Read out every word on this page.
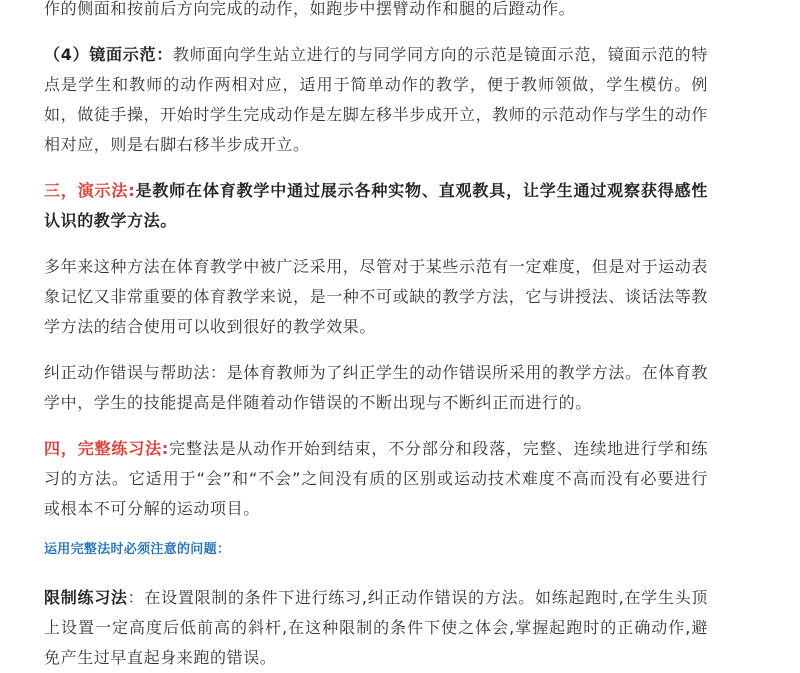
作的侧面和按前后方向完成的动作，如跑步中摆臂动作和腿的后蹬动作。

（4）镜面示范：教师面向学生站立进行的与同学同方向的示范是镜面示范，镜面示范的特点是学生和教师的动作两相对应，适用于简单动作的教学，便于教师领做，学生模仿。例如，做徒手操，开始时学生完成动作是左脚左移半步成开立，教师的示范动作与学生的动作相对应，则是右脚右移半步成开立。

三，演示法:是教师在体育教学中通过展示各种实物、直观教具，让学生通过观察获得感性认识的教学方法。

多年来这种方法在体育教学中被广泛采用，尽管对于某些示范有一定难度，但是对于运动表象记忆又非常重要的体育教学来说，是一种不可或缺的教学方法，它与讲授法、谈话法等教学方法的结合使用可以收到很好的教学效果。

纠正动作错误与帮助法：是体育教师为了纠正学生的动作错误所采用的教学方法。在体育教学中，学生的技能提高是伴随着动作错误的不断出现与不断纠正而进行的。

四，完整练习法:完整法是从动作开始到结束，不分部分和段落，完整、连续地进行学和练习的方法。它适用于“会”和“不会”之间没有质的区别或运动技术难度不高而没有必要进行或根本不可分解的运动项目。

运用完整法时必须注意的问题：

限制练习法：在设置限制的条件下进行练习,纠正动作错误的方法。如练起跑时,在学生头顶上设置一定高度后低前高的斜杆,在这种限制的条件下使之体会,掌握起跑时的正确动作,避免产生过早直起身来跑的错误。
